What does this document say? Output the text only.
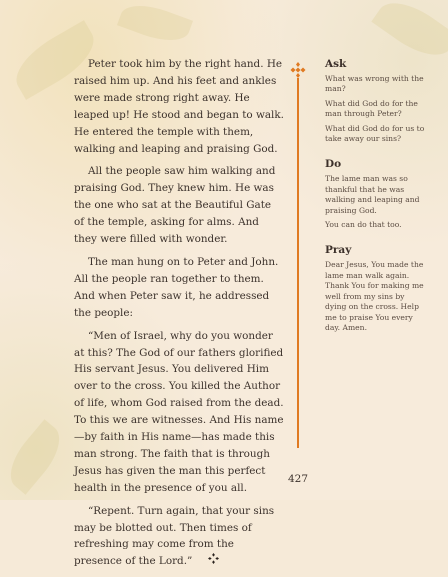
Peter took him by the right hand. He raised him up. And his feet and ankles were made strong right away. He leaped up! He stood and began to walk. He entered the temple with them, walking and leaping and praising God.

All the people saw him walking and praising God. They knew him. He was the one who sat at the Beautiful Gate of the temple, asking for alms. And they were filled with wonder.

The man hung on to Peter and John. All the people ran together to them. And when Peter saw it, he addressed the people:

“Men of Israel, why do you wonder at this? The God of our fathers glorified His servant Jesus. You delivered Him over to the cross. You killed the Author of life, whom God raised from the dead. To this we are witnesses. And His name—by faith in His name—has made this man strong. The faith that is through Jesus has given the man this perfect health in the presence of you all.

“Repent. Turn again, that your sins may be blotted out. Then times of refreshing may come from the presence of the Lord.”

Ask
What was wrong with the man?
What did God do for the man through Peter?
What did God do for us to take away our sins?
Do
The lame man was so thankful that he was walking and leaping and praising God.
You can do that too.
Pray
Dear Jesus, You made the lame man walk again. Thank You for making me well from my sins by dying on the cross. Help me to praise You every day. Amen.
427
